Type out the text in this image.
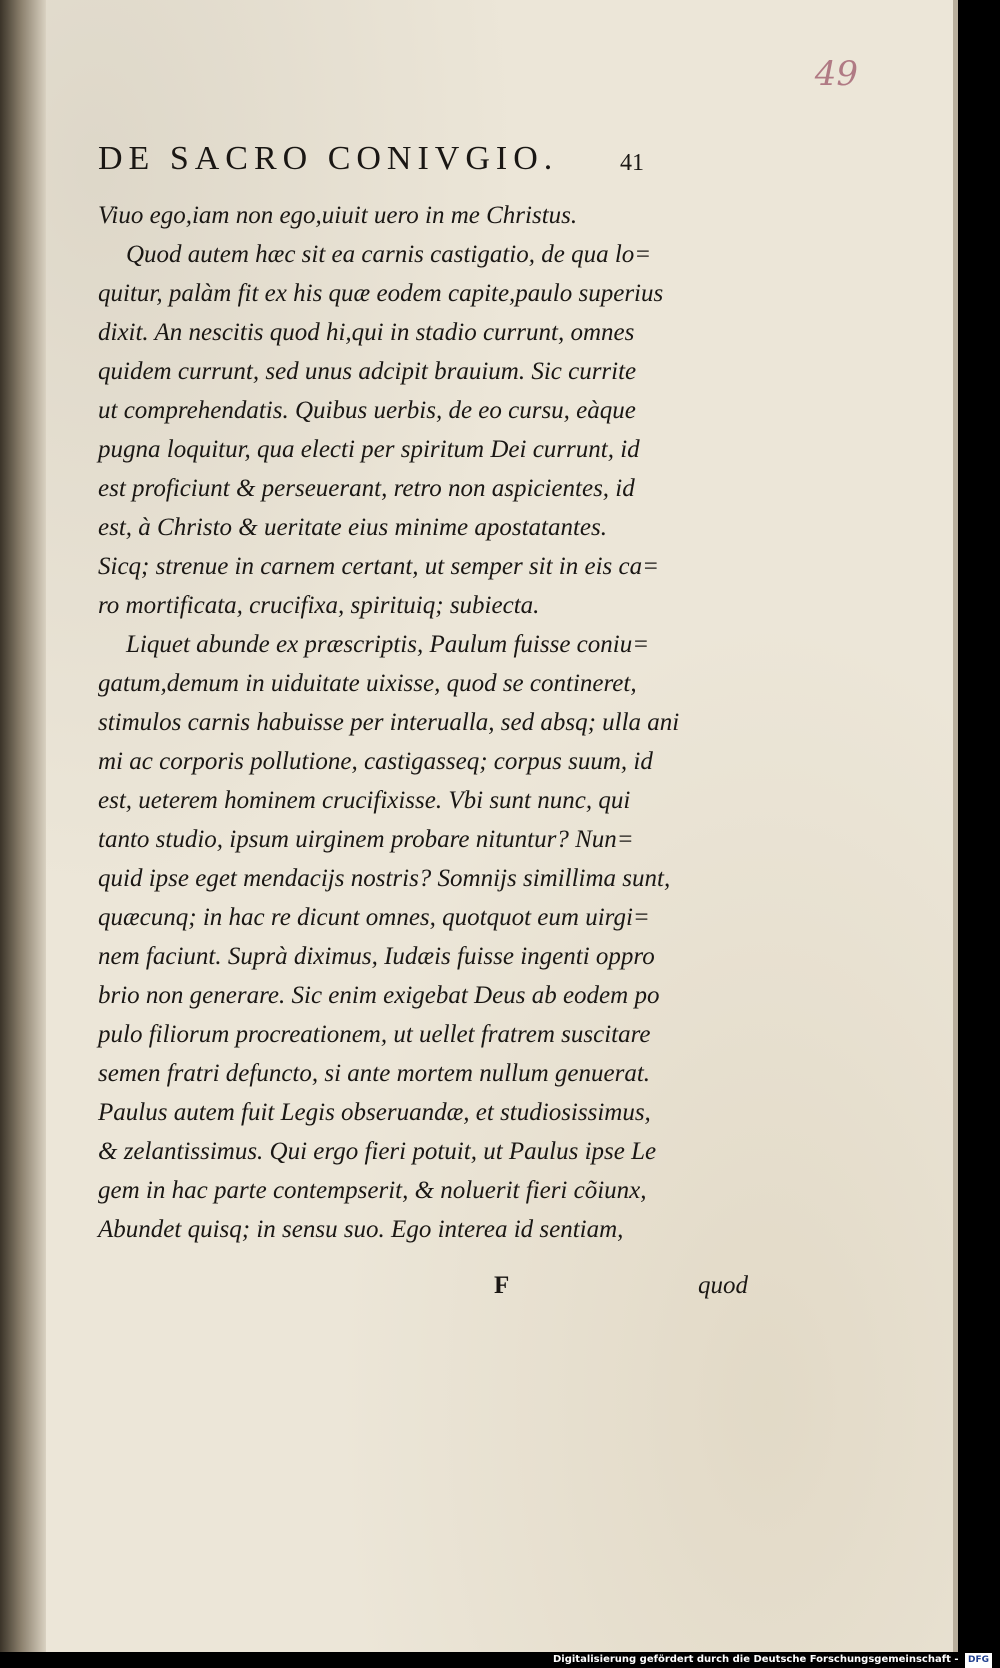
49
DE SACRO CONIVGIO.	41
Viuo ego,iam non ego,uiuit uero in me Christus.
Quod autem hæc sit ea carnis castigatio, de qua lo=
quitur, palàm fit ex his quæ eodem capite,paulo superius
dixit. An nescitis quod hi,qui in stadio currunt, omnes
quidem currunt, sed unus adcipit brauium. Sic currite
ut comprehendatis. Quibus uerbis, de eo cursu, eàque
pugna loquitur, qua electi per spiritum Dei currunt, id
est proficiunt & perseuerant, retro non aspicientes, id
est, à Christo & ueritate eius minime apostatantes.
Sicq; strenue in carnem certant, ut semper sit in eis ca=
ro mortificata, crucifixa, spirituiq; subiecta.
Liquet abunde ex præscriptis, Paulum fuisse coniu=
gatum,demum in uiduitate uixisse, quod se contineret,
stimulos carnis habuisse per interualla, sed absq; ulla ani
mi ac corporis pollutione, castigasseq; corpus suum, id
est, ueterem hominem crucifixisse. Vbi sunt nunc, qui
tanto studio, ipsum uirginem probare nituntur? Nun=
quid ipse eget mendacijs nostris? Somnijs simillima sunt,
quæcunq; in hac re dicunt omnes, quotquot eum uirgi=
nem faciunt. Suprà diximus, Iudæis fuisse ingenti oppro
brio non generare. Sic enim exigebat Deus ab eodem po
pulo filiorum procreationem, ut uellet fratrem suscitare
semen fratri defuncto, si ante mortem nullum genuerat.
Paulus autem fuit Legis obseruandæ, et studiosissimus,
& zelantissimus. Qui ergo fieri potuit, ut Paulus ipse Le
gem in hac parte contempserit, & noluerit fieri cõiunx,
Abundet quisq; in sensu suo. Ego interea id sentiam,
F	quod
Digitalisierung gefördert durch die Deutsche Forschungsgemeinschaft - DFG
